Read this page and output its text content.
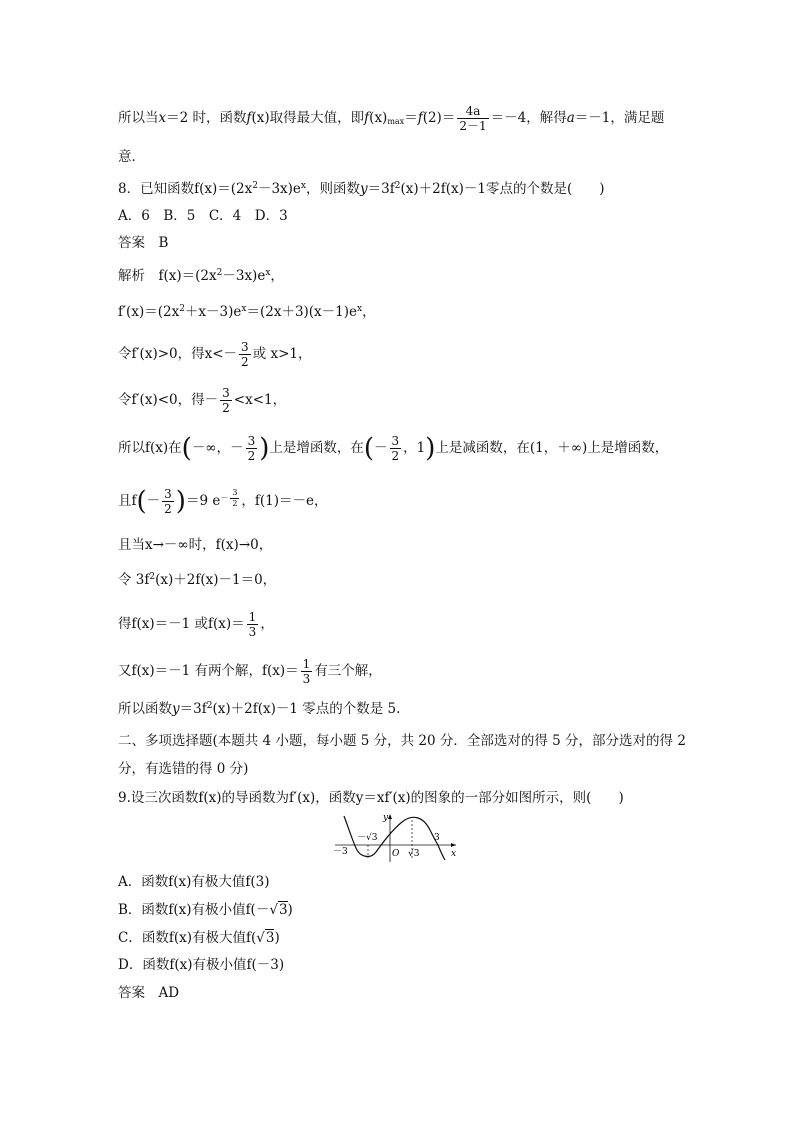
所以当x＝2 时，函数f(x)取得最大值，即$f(x)_{max}=f(2)= \frac{4a}{2-1} =-4$，解得a＝－1，满足题
意．
8．已知函数$f(x)=(2x^2-3x)e^x$，则函数$y=3f^2(x)+2f(x)-1$零点的个数是(　　)
A．6　B．5　C．4　D．3
答案　B
解析　$f(x)=(2x^2-3x)e^x$，
$f'(x)=(2x^2+x-3)e^x=(2x+3)(x-1)e^x$，
令f′(x)>0，得$x<- \frac{3}{2}$ 或 x>1，
令f′(x)<0，得－ $\frac{3}{2} <x<1$，
所以f(x)在(－∞，－ $\frac{3}{2}$ )上是增函数，在(－ $\frac{3}{2}$ ，1)上是减函数，在(1，＋∞)上是增函数，
且$f(- \frac{3}{2} )=9$ $e^{- \frac{3}{2}}$ ，f(1)＝－e，
且当x→－∞时，f(x)→0，
令 $3f^2(x)+2f(x)-1=0$，
得f(x)＝－1 或$f(x)= \frac{1}{3}$ ，
又f(x)＝－1 有两个解，$f(x)= \frac{1}{3}$ 有三个解，
所以函数$y=3f^2(x)+2f(x)-1$ 零点的个数是 5.
二、多项选择题(本题共 4 小题，每小题 5 分，共 20 分．全部选对的得 5 分，部分选对的得 2
分，有选错的得 0 分)
9.设三次函数f(x)的导函数为f′(x)，函数y＝xf′(x)的图象的一部分如图所示，则(　　)
y
x
O
－3
－√3
√3
3
A．函数f(x)有极大值f(3)
B．函数f(x)有极小值f(－√3)
C．函数f(x)有极大值f(√3)
D．函数f(x)有极小值f(－3)
答案　AD
